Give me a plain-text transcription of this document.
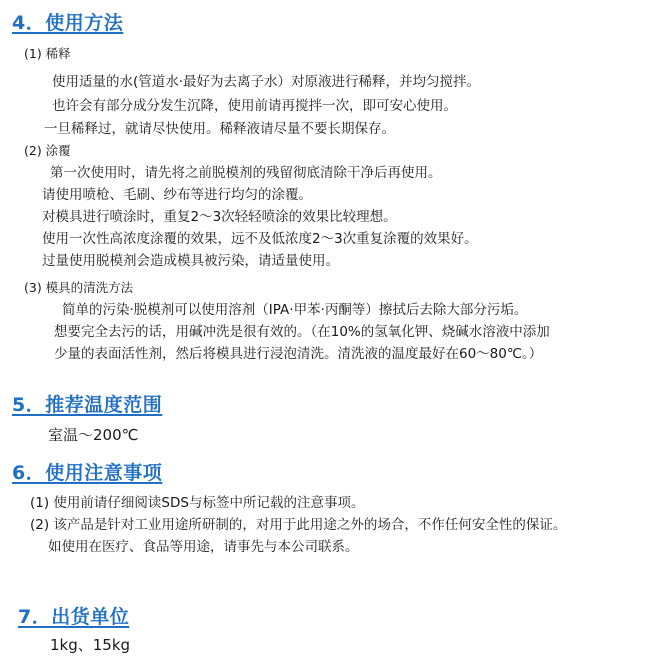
4．使用方法
(1) 稀释
使用适量的水(管道水·最好为去离子水）对原液进行稀释，并均匀搅拌。
也许会有部分成分发生沉降，使用前请再搅拌一次，即可安心使用。
一旦稀释过，就请尽快使用。稀释液请尽量不要长期保存。
(2) 涂覆
第一次使用时，请先将之前脱模剂的残留彻底清除干净后再使用。
请使用喷枪、毛刷、纱布等进行均匀的涂覆。
对模具进行喷涂时，重复2～3次轻轻喷涂的效果比较理想。
使用一次性高浓度涂覆的效果，远不及低浓度2～3次重复涂覆的效果好。
过量使用脱模剂会造成模具被污染，请适量使用。
(3) 模具的清洗方法
简单的污染·脱模剂可以使用溶剂（IPA·甲苯·丙酮等）擦拭后去除大部分污垢。
想要完全去污的话，用碱冲洗是很有效的。（在10%的氢氧化钾、烧碱水溶液中添加
少量的表面活性剂，然后将模具进行浸泡清洗。清洗液的温度最好在60～80℃。）
5．推荐温度范围
室温～200℃
6．使用注意事项
(1) 使用前请仔细阅读SDS与标签中所记载的注意事项。
(2) 该产品是针对工业用途所研制的，对用于此用途之外的场合，不作任何安全性的保证。
如使用在医疗、食品等用途，请事先与本公司联系。
7．出货单位
1kg、15kg
